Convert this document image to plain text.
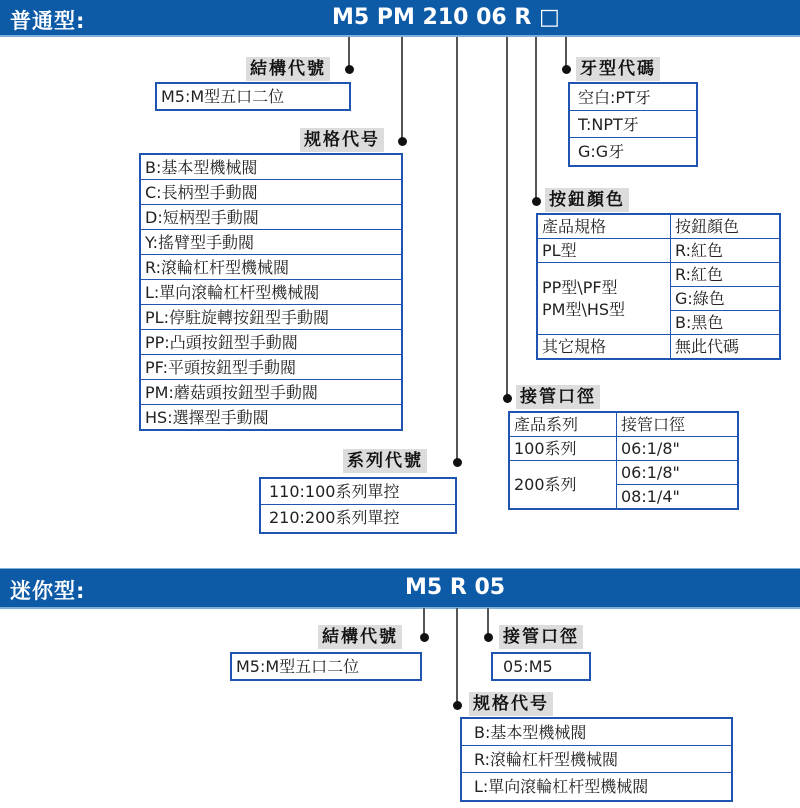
普通型:	M5 PM 210 06 R □
結構代號
M5:M型五口二位
牙型代碼
空白:PT牙
T:NPT牙
G:G牙
规格代号
B:基本型機械閥
C:長柄型手動閥
D:短柄型手動閥
Y:搖臂型手動閥
R:滾輪杠杆型機械閥
L:單向滾輪杠杆型機械閥
PL:停駐旋轉按鈕型手動閥
PP:凸頭按鈕型手動閥
PF:平頭按鈕型手動閥
PM:蘑菇頭按鈕型手動閥
HS:選擇型手動閥
按鈕顏色
產品規格	按鈕顏色
PL型	R:紅色

PP型\PF型
PM型\HS型	R:紅色
	G:綠色
	B:黑色
其它規格	無此代碼
接管口徑
產品系列	接管口徑
100系列	06:1/8"
200系列	06:1/8"
	08:1/4"
系列代號
110:100系列單控
210:200系列單控
迷你型:	M5 R 05
結構代號
M5:M型五口二位
接管口徑
05:M5
规格代号
B:基本型機械閥
R:滾輪杠杆型機械閥
L:單向滾輪杠杆型機械閥
